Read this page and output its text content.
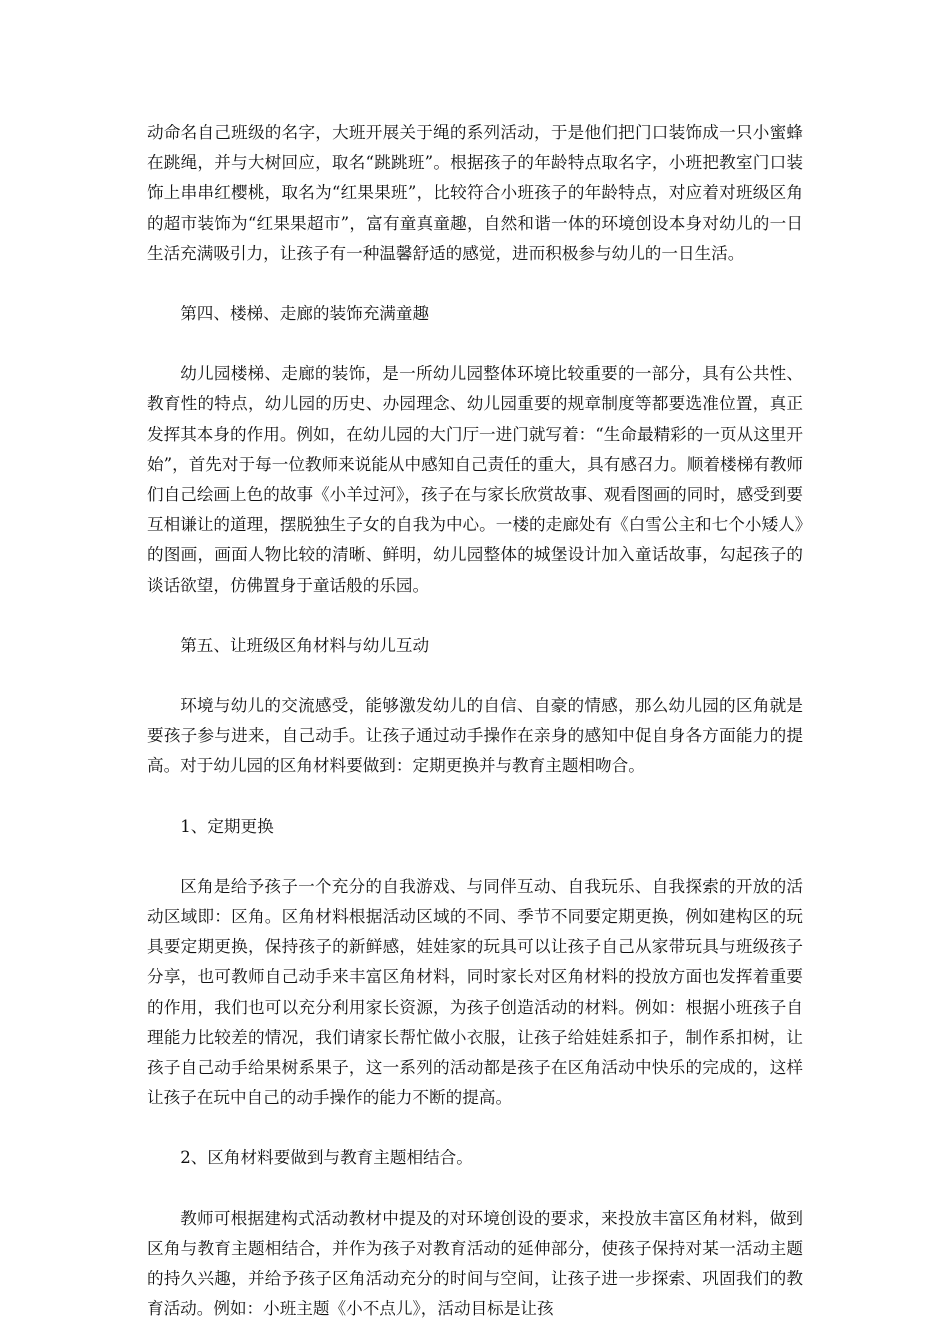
动命名自己班级的名字，大班开展关于绳的系列活动，于是他们把门口装饰成一只小蜜蜂在跳绳，并与大树回应，取名“跳跳班”。根据孩子的年龄特点取名字，小班把教室门口装饰上串串红樱桃，取名为“红果果班”，比较符合小班孩子的年龄特点，对应着对班级区角的超市装饰为“红果果超市”，富有童真童趣，自然和谐一体的环境创设本身对幼儿的一日生活充满吸引力，让孩子有一种温馨舒适的感觉，进而积极参与幼儿的一日生活。

第四、楼梯、走廊的装饰充满童趣

幼儿园楼梯、走廊的装饰，是一所幼儿园整体环境比较重要的一部分，具有公共性、教育性的特点，幼儿园的历史、办园理念、幼儿园重要的规章制度等都要选准位置，真正发挥其本身的作用。例如，在幼儿园的大门厅一进门就写着：“生命最精彩的一页从这里开始”，首先对于每一位教师来说能从中感知自己责任的重大，具有感召力。顺着楼梯有教师们自己绘画上色的故事《小羊过河》，孩子在与家长欣赏故事、观看图画的同时，感受到要互相谦让的道理，摆脱独生子女的自我为中心。一楼的走廊处有《白雪公主和七个小矮人》的图画，画面人物比较的清晰、鲜明，幼儿园整体的城堡设计加入童话故事，勾起孩子的谈话欲望，仿佛置身于童话般的乐园。

第五、让班级区角材料与幼儿互动

环境与幼儿的交流感受，能够激发幼儿的自信、自豪的情感，那么幼儿园的区角就是要孩子参与进来，自己动手。让孩子通过动手操作在亲身的感知中促自身各方面能力的提高。对于幼儿园的区角材料要做到：定期更换并与教育主题相吻合。

1、定期更换

区角是给予孩子一个充分的自我游戏、与同伴互动、自我玩乐、自我探索的开放的活动区域即：区角。区角材料根据活动区域的不同、季节不同要定期更换，例如建构区的玩具要定期更换，保持孩子的新鲜感，娃娃家的玩具可以让孩子自己从家带玩具与班级孩子分享，也可教师自己动手来丰富区角材料，同时家长对区角材料的投放方面也发挥着重要的作用，我们也可以充分利用家长资源，为孩子创造活动的材料。例如：根据小班孩子自理能力比较差的情况，我们请家长帮忙做小衣服，让孩子给娃娃系扣子，制作系扣树，让孩子自己动手给果树系果子，这一系列的活动都是孩子在区角活动中快乐的完成的，这样让孩子在玩中自己的动手操作的能力不断的提高。

2、区角材料要做到与教育主题相结合。

教师可根据建构式活动教材中提及的对环境创设的要求，来投放丰富区角材料，做到区角与教育主题相结合，并作为孩子对教育活动的延伸部分，使孩子保持对某一活动主题的持久兴趣，并给予孩子区角活动充分的时间与空间，让孩子进一步探索、巩固我们的教育活动。例如：小班主题《小不点儿》，活动目标是让孩
